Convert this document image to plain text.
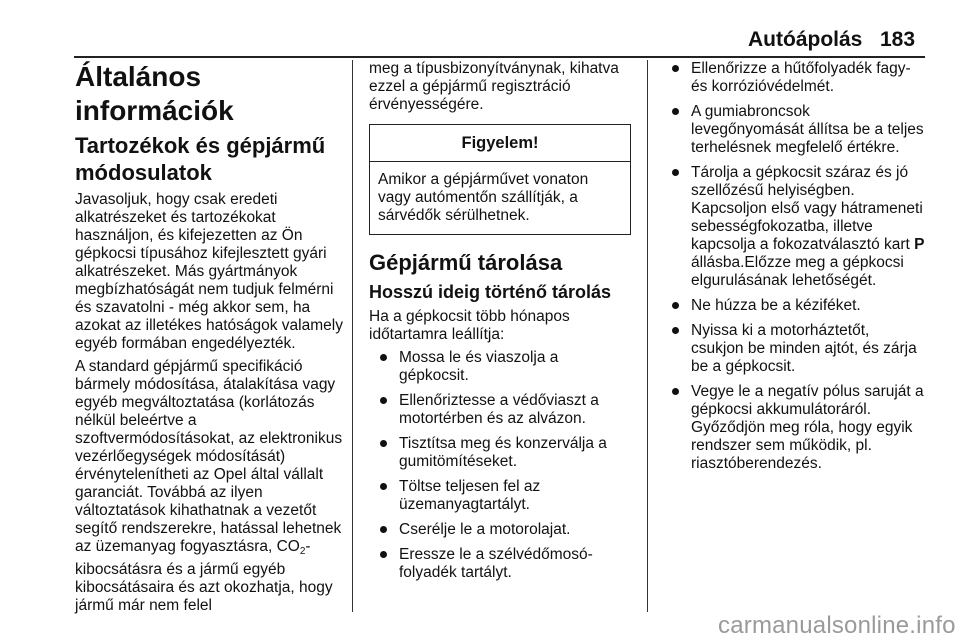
Autóápolás 183
Általános információk
Tartozékok és gépjármű módosulatok

Javasoljuk, hogy csak eredeti alkatrészeket és tartozékokat használjon, és kifejezetten az Ön gépkocsi típusához kifejlesztett gyári alkatrészeket. Más gyártmányok megbízhatóságát nem tudjuk felmérni és szavatolni - még akkor sem, ha azokat az illetékes hatóságok valamely egyéb formában engedélyezték.

A standard gépjármű specifikáció bármely módosítása, átalakítása vagy egyéb megváltoztatása (korlátozás nélkül beleértve a szoftvermódosításokat, az elektronikus vezérlőegységek módosítását) érvénytelenítheti az Opel által vállalt garanciát. Továbbá az ilyen változtatások kihathatnak a vezetőt segítő rendszerekre, hatással lehetnek az üzemanyag fogyasztásra, $CO_2$-kibocsátásra és a jármű egyéb kibocsátásaira és azt okozhatja, hogy jármű már nem felel

meg a típusbizonyítványnak, kihatva ezzel a gépjármű regisztráció érvényességére.

Figyelem!
Amikor a gépjárművet vonaton vagy autómentőn szállítják, a sárvédők sérülhetnek.
Gépjármű tárolása
Hosszú ideig történő tárolás

Ha a gépkocsit több hónapos időtartamra leállítja:

Mossa le és viaszolja a gépkocsit.
Ellenőriztesse a védőviaszt a motortérben és az alvázon.
Tisztítsa meg és konzerválja a gumitömítéseket.
Töltse teljesen fel az üzemanyagtartályt.
Cserélje le a motorolajat.
Eressze le a szélvédőmosó-folyadék tartályt.
Ellenőrizze a hűtőfolyadék fagy- és korrózióvédelmét.
A gumiabroncsok levegőnyomását állítsa be a teljes terhelésnek megfelelő értékre.
Tárolja a gépkocsit száraz és jó szellőzésű helyiségben. Kapcsoljon első vagy hátrameneti sebességfokozatba, illetve kapcsolja a fokozatválasztó kart P állásba.Előzze meg a gépkocsi elgurulásának lehetőségét.
Ne húzza be a kéziféket.
Nyissa ki a motorháztetőt, csukjon be minden ajtót, és zárja be a gépkocsit.
Vegye le a negatív pólus saruját a gépkocsi akkumulátoráról. Győződjön meg róla, hogy egyik rendszer sem működik, pl. riasztóberendezés.
carmanualsonline.info
